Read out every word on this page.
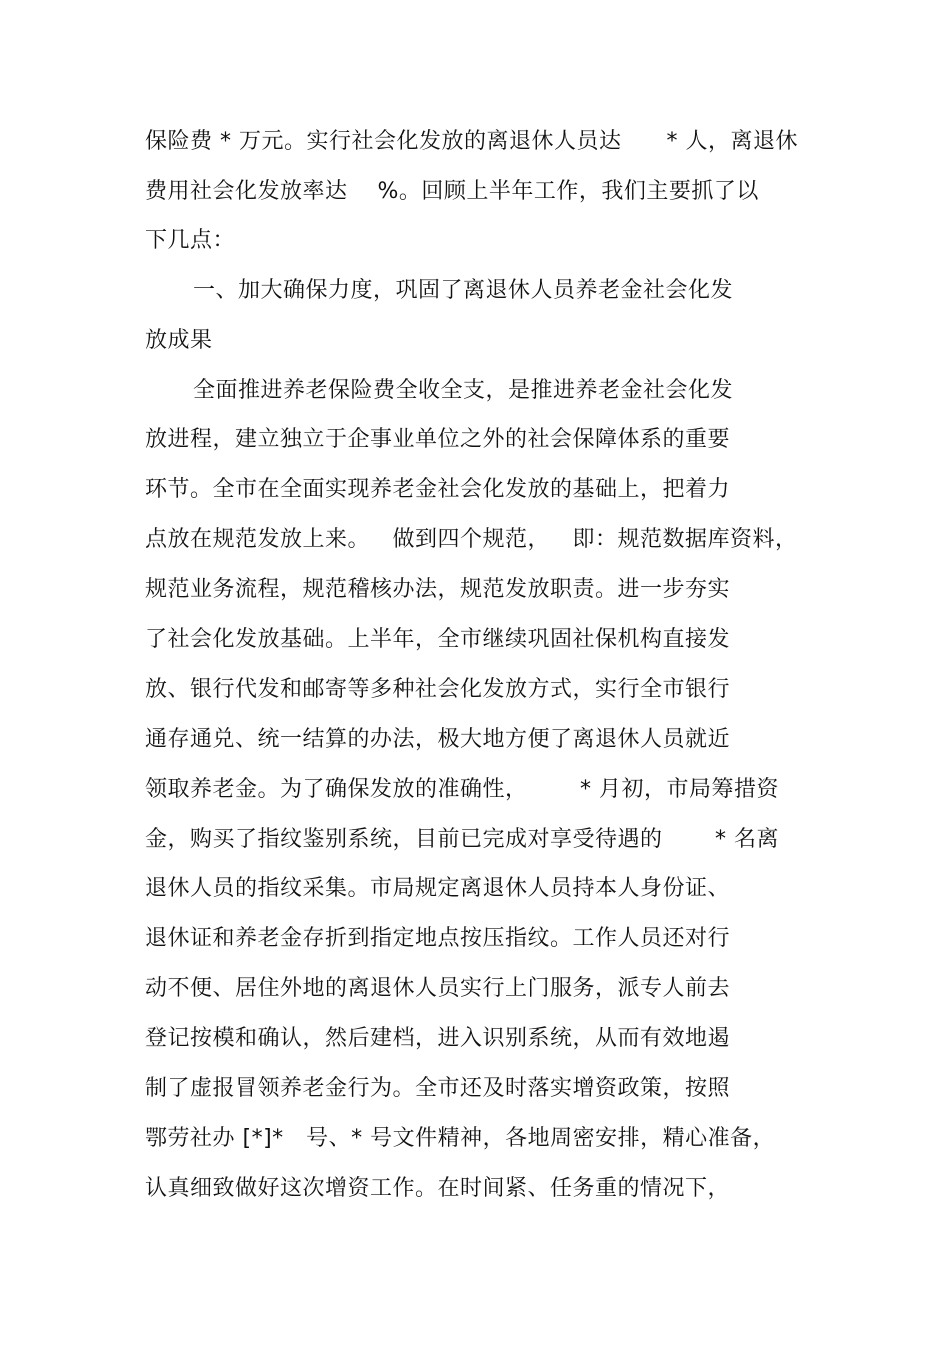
保险费 * 万元。实行社会化发放的离退休人员达      * 人，离退休
费用社会化发放率达    %。回顾上半年工作，我们主要抓了以
下几点：
一、加大确保力度，巩固了离退休人员养老金社会化发
放成果
全面推进养老保险费全收全支，是推进养老金社会化发
放进程，建立独立于企事业单位之外的社会保障体系的重要
环节。全市在全面实现养老金社会化发放的基础上，把着力
点放在规范发放上来。   做到四个规范，   即：规范数据库资料，
规范业务流程，规范稽核办法，规范发放职责。进一步夯实
了社会化发放基础。上半年，全市继续巩固社保机构直接发
放、银行代发和邮寄等多种社会化发放方式，实行全市银行
通存通兑、统一结算的办法，极大地方便了离退休人员就近
领取养老金。为了确保发放的准确性，       * 月初，市局筹措资
金，购买了指纹鉴别系统，目前已完成对享受待遇的       * 名离
退休人员的指纹采集。市局规定离退休人员持本人身份证、
退休证和养老金存折到指定地点按压指纹。工作人员还对行
动不便、居住外地的离退休人员实行上门服务，派专人前去
登记按模和确认，然后建档，进入识别系统，从而有效地遏
制了虚报冒领养老金行为。全市还及时落实增资政策，按照
鄂劳社办 [*]*   号、* 号文件精神，各地周密安排，精心准备，
认真细致做好这次增资工作。在时间紧、任务重的情况下，
